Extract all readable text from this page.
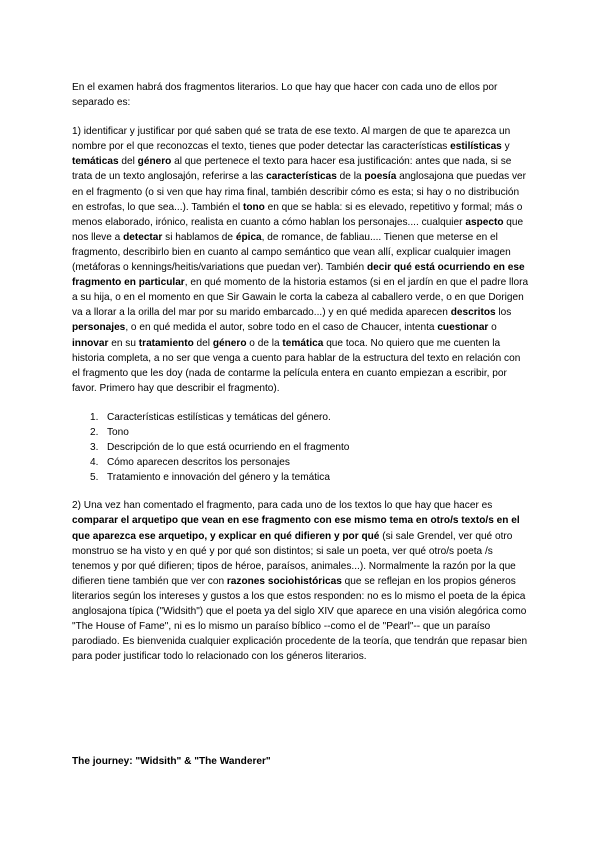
En el examen habrá dos fragmentos literarios. Lo que hay que hacer con cada uno de ellos por separado es:

1) identificar y justificar por qué saben qué se trata de ese texto. Al margen de que te aparezca un nombre por el que reconozcas el texto, tienes que poder detectar las características estilísticas y temáticas del género al que pertenece el texto para hacer esa justificación: antes que nada, si se trata de un texto anglosajón, referirse a las características de la poesía anglosajona que puedas ver en el fragmento (o si ven que hay rima final, también describir cómo es esta; si hay o no distribución en estrofas, lo que sea...). También el tono en que se habla: si es elevado, repetitivo y formal; más o menos elaborado, irónico, realista en cuanto a cómo hablan los personajes.... cualquier aspecto que nos lleve a detectar si hablamos de épica, de romance, de fabliau.... Tienen que meterse en el fragmento, describirlo bien en cuanto al campo semántico que vean allí, explicar cualquier imagen (metáforas o kennings/heitis/variations que puedan ver). También decir qué está ocurriendo en ese fragmento en particular, en qué momento de la historia estamos (si en el jardín en que el padre llora a su hija, o en el momento en que Sir Gawain le corta la cabeza al caballero verde, o en que Dorigen va a llorar a la orilla del mar por su marido embarcado...) y en qué medida aparecen descritos los personajes, o en qué medida el autor, sobre todo en el caso de Chaucer, intenta cuestionar o innovar en su tratamiento del género o de la temática que toca. No quiero que me cuenten la historia completa, a no ser que venga a cuento para hablar de la estructura del texto en relación con el fragmento que les doy (nada de contarme la película entera en cuanto empiezan a escribir, por favor. Primero hay que describir el fragmento).

1. Características estilísticas y temáticas del género.
2. Tono
3. Descripción de lo que está ocurriendo en el fragmento
4. Cómo aparecen descritos los personajes
5. Tratamiento e innovación del género y la temática

2) Una vez han comentado el fragmento, para cada uno de los textos lo que hay que hacer es comparar el arquetipo que vean en ese fragmento con ese mismo tema en otro/s texto/s en el que aparezca ese arquetipo, y explicar en qué difieren y por qué (si sale Grendel, ver qué otro monstruo se ha visto y en qué y por qué son distintos; si sale un poeta, ver qué otro/s poeta /s tenemos y por qué difieren; tipos de héroe, paraísos, animales...). Normalmente la razón por la que difieren tiene también que ver con razones sociohistóricas que se reflejan en los propios géneros literarios según los intereses y gustos a los que estos responden: no es lo mismo el poeta de la épica anglosajona típica ("Widsith") que el poeta ya del siglo XIV que aparece en una visión alegórica como "The House of Fame", ni es lo mismo un paraíso bíblico --como el de "Pearl"-- que un paraíso parodiado. Es bienvenida cualquier explicación procedente de la teoría, que tendrán que repasar bien para poder justificar todo lo relacionado con los géneros literarios.

The journey: "Widsith" & "The Wanderer"
